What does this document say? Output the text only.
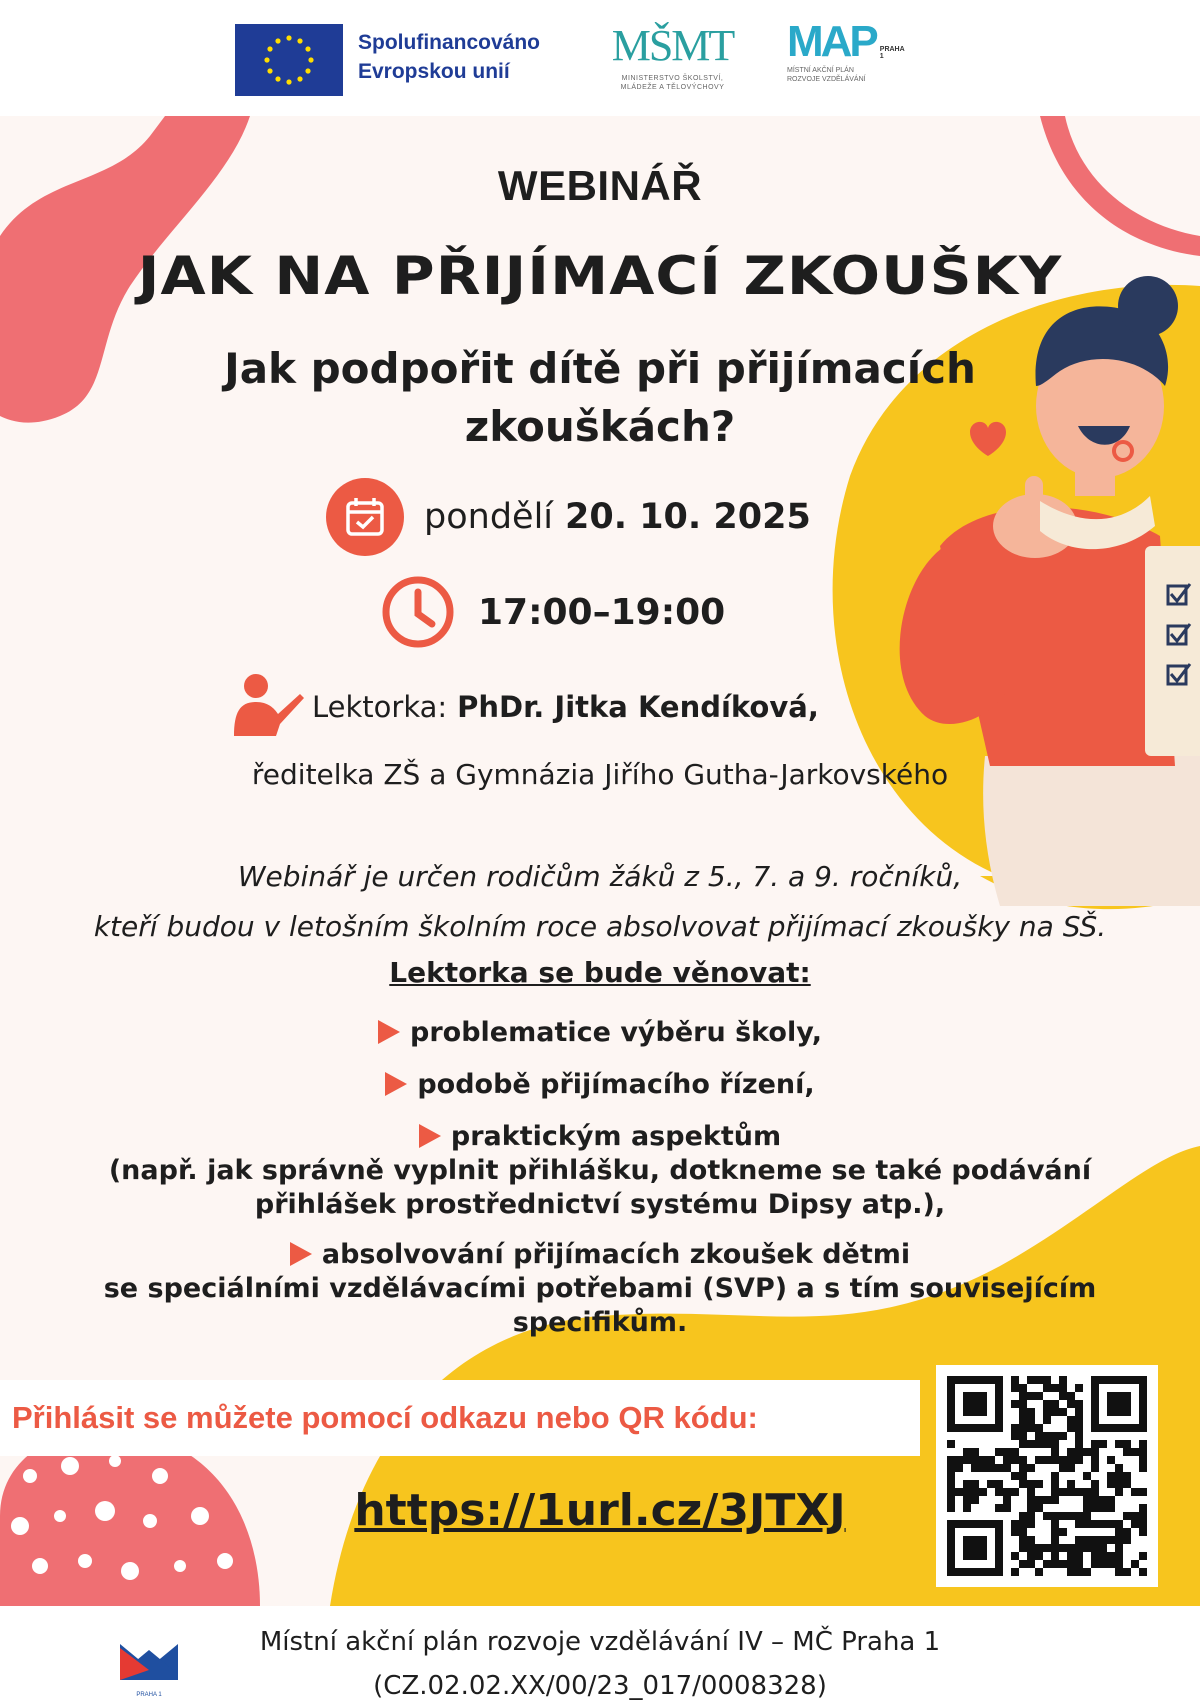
Spolufinancováno
Evropskou unií
MŠMT
MINISTERSTVO ŠKOLSTVÍ,
MLÁDEŽE A TĚLOVÝCHOVY
MAP PRAHA 1
MÍSTNÍ AKČNÍ PLÁN
ROZVOJE VZDĚLÁVÁNÍ
WEBINÁŘ
JAK NA PŘIJÍMACÍ ZKOUŠKY
Jak podpořit dítě při přijímacích
zkouškách?
pondělí 20. 10. 2025
17:00–19:00
Lektorka: PhDr. Jitka Kendíková,
ředitelka ZŠ a Gymnázia Jiřího Gutha-Jarkovského
Webinář je určen rodičům žáků z 5., 7. a 9. ročníků,
kteří budou v letošním školním roce absolvovat přijímací zkoušky na SŠ.
Lektorka se bude věnovat:
problematice výběru školy,
podobě přijímacího řízení,
praktickým aspektům
(např. jak správně vyplnit přihlášku, dotkneme se také podávání
přihlášek prostřednictví systému Dipsy atp.),
absolvování přijímacích zkoušek dětmi
se speciálními vzdělávacími potřebami (SVP) a s tím souvisejícím
specifikům.
Přihlásit se můžete pomocí odkazu nebo QR kódu:
https://1url.cz/3JTXJ
PRAHA 1
Místní akční plán rozvoje vzdělávání IV – MČ Praha 1
(CZ.02.02.XX/00/23_017/0008328)
